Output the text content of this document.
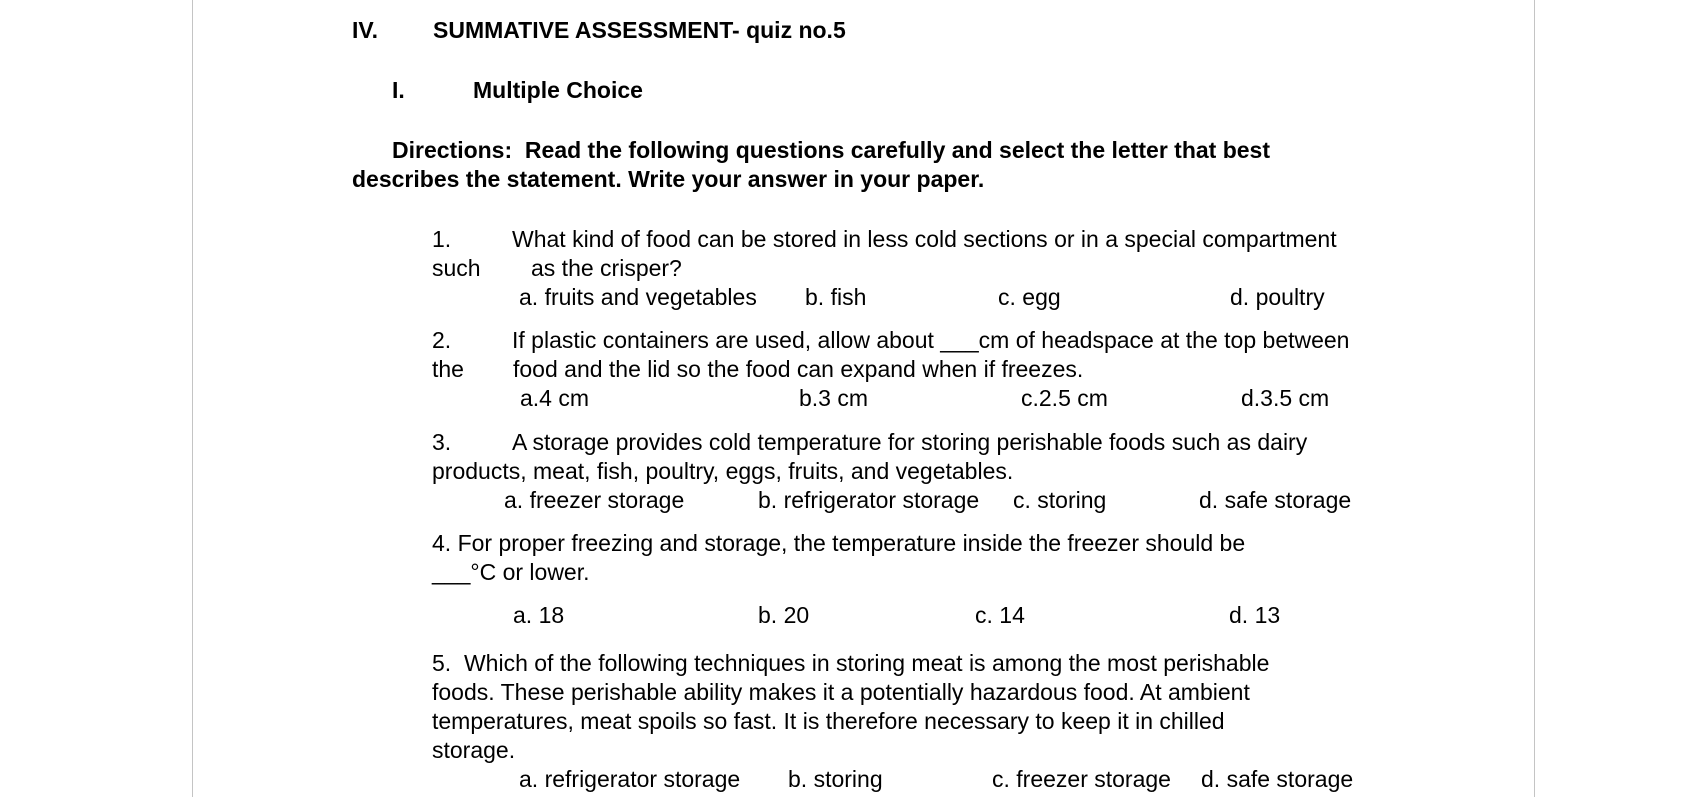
IV. SUMMATIVE ASSESSMENT- quiz no.5
I.	Multiple Choice
Directions:  Read the following questions carefully and select the letter that best
describes the statement. Write your answer in your paper.
1.	What kind of food can be stored in less cold sections or in a special compartment
such as the crisper?
a. fruits and vegetables b. fish	c. egg	d. poultry
2.	If plastic containers are used, allow about ___cm of headspace at the top between
the food and the lid so the food can expand when if freezes.
a.4 cm	b.3 cm	c.2.5 cm	d.3.5 cm
3.	A storage provides cold temperature for storing perishable foods such as dairy
products, meat, fish, poultry, eggs, fruits, and vegetables.
a. freezer storage	b. refrigerator storage c. storing	d. safe storage
4. For proper freezing and storage, the temperature inside the freezer should be
___°C or lower.
a. 18	b. 20	c. 14	d. 13
5.  Which of the following techniques in storing meat is among the most perishable
foods. These perishable ability makes it a potentially hazardous food. At ambient
temperatures, meat spoils so fast. It is therefore necessary to keep it in chilled
storage.
a. refrigerator storage b. storing	c. freezer storage d. safe storage
